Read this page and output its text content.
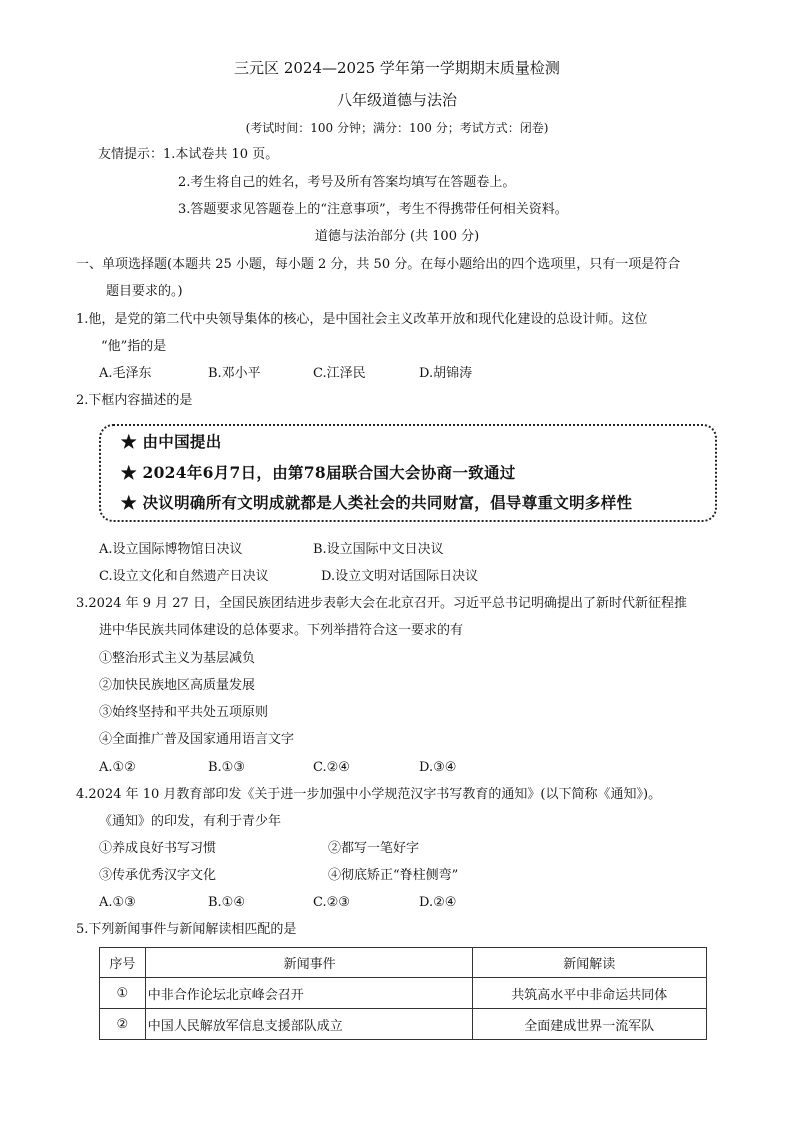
三元区 2024—2025 学年第一学期期末质量检测
八年级道德与法治
(考试时间：100 分钟；满分：100 分；考试方式：闭卷)
友情提示：1.本试卷共 10 页。
2.考生将自己的姓名，考号及所有答案均填写在答题卷上。
3.答题要求见答题卷上的“注意事项”，考生不得携带任何相关资料。
道德与法治部分 (共 100 分)
一、单项选择题(本题共 25 小题，每小题 2 分，共 50 分。在每小题给出的四个选项里，只有一项是符合
题目要求的。)
1.他，是党的第二代中央领导集体的核心，是中国社会主义改革开放和现代化建设的总设计师。这位
“他”指的是
A.毛泽东	B.邓小平	C.江泽民	D.胡锦涛
2.下框内容描述的是
★ 由中国提出
★ 2024年6月7日，由第78届联合国大会协商一致通过
★ 决议明确所有文明成就都是人类社会的共同财富，倡导尊重文明多样性
A.设立国际博物馆日决议	B.设立国际中文日决议
C.设立文化和自然遗产日决议	D.设立文明对话国际日决议
3.2024 年 9 月 27 日，全国民族团结进步表彰大会在北京召开。习近平总书记明确提出了新时代新征程推
进中华民族共同体建设的总体要求。下列举措符合这一要求的有
①整治形式主义为基层减负
②加快民族地区高质量发展
③始终坚持和平共处五项原则
④全面推广普及国家通用语言文字
A.①②	B.①③	C.②④	D.③④
4.2024 年 10 月教育部印发《关于进一步加强中小学规范汉字书写教育的通知》(以下简称《通知》)。
《通知》的印发，有利于青少年
①养成良好书写习惯	②都写一笔好字
③传承优秀汉字文化	④彻底矫正“脊柱侧弯”
A.①③	B.①④	C.②③	D.②④
5.下列新闻事件与新闻解读相匹配的是
序号	新闻事件	新闻解读
①	中非合作论坛北京峰会召开	共筑高水平中非命运共同体
②	中国人民解放军信息支援部队成立	全面建成世界一流军队
